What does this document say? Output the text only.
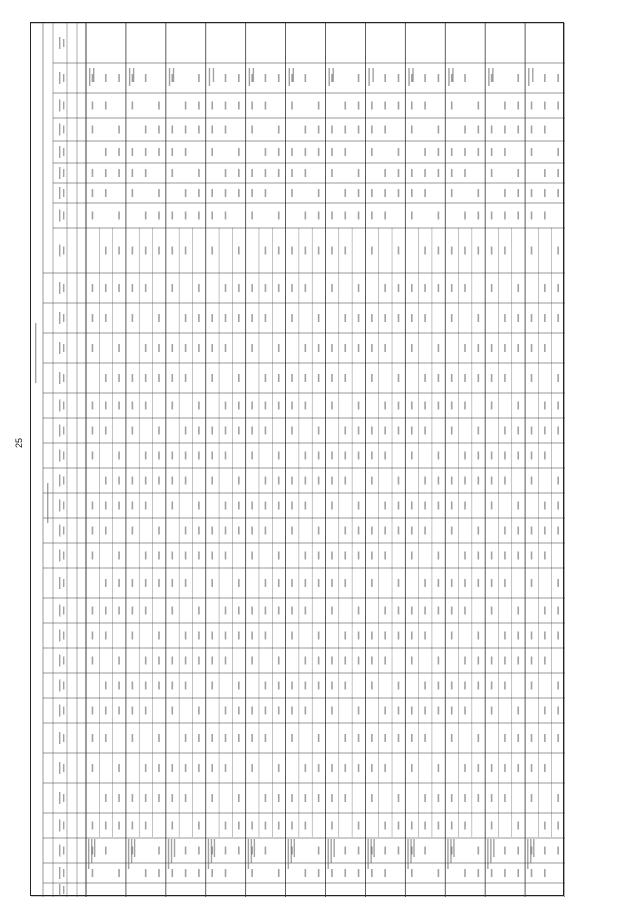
25
